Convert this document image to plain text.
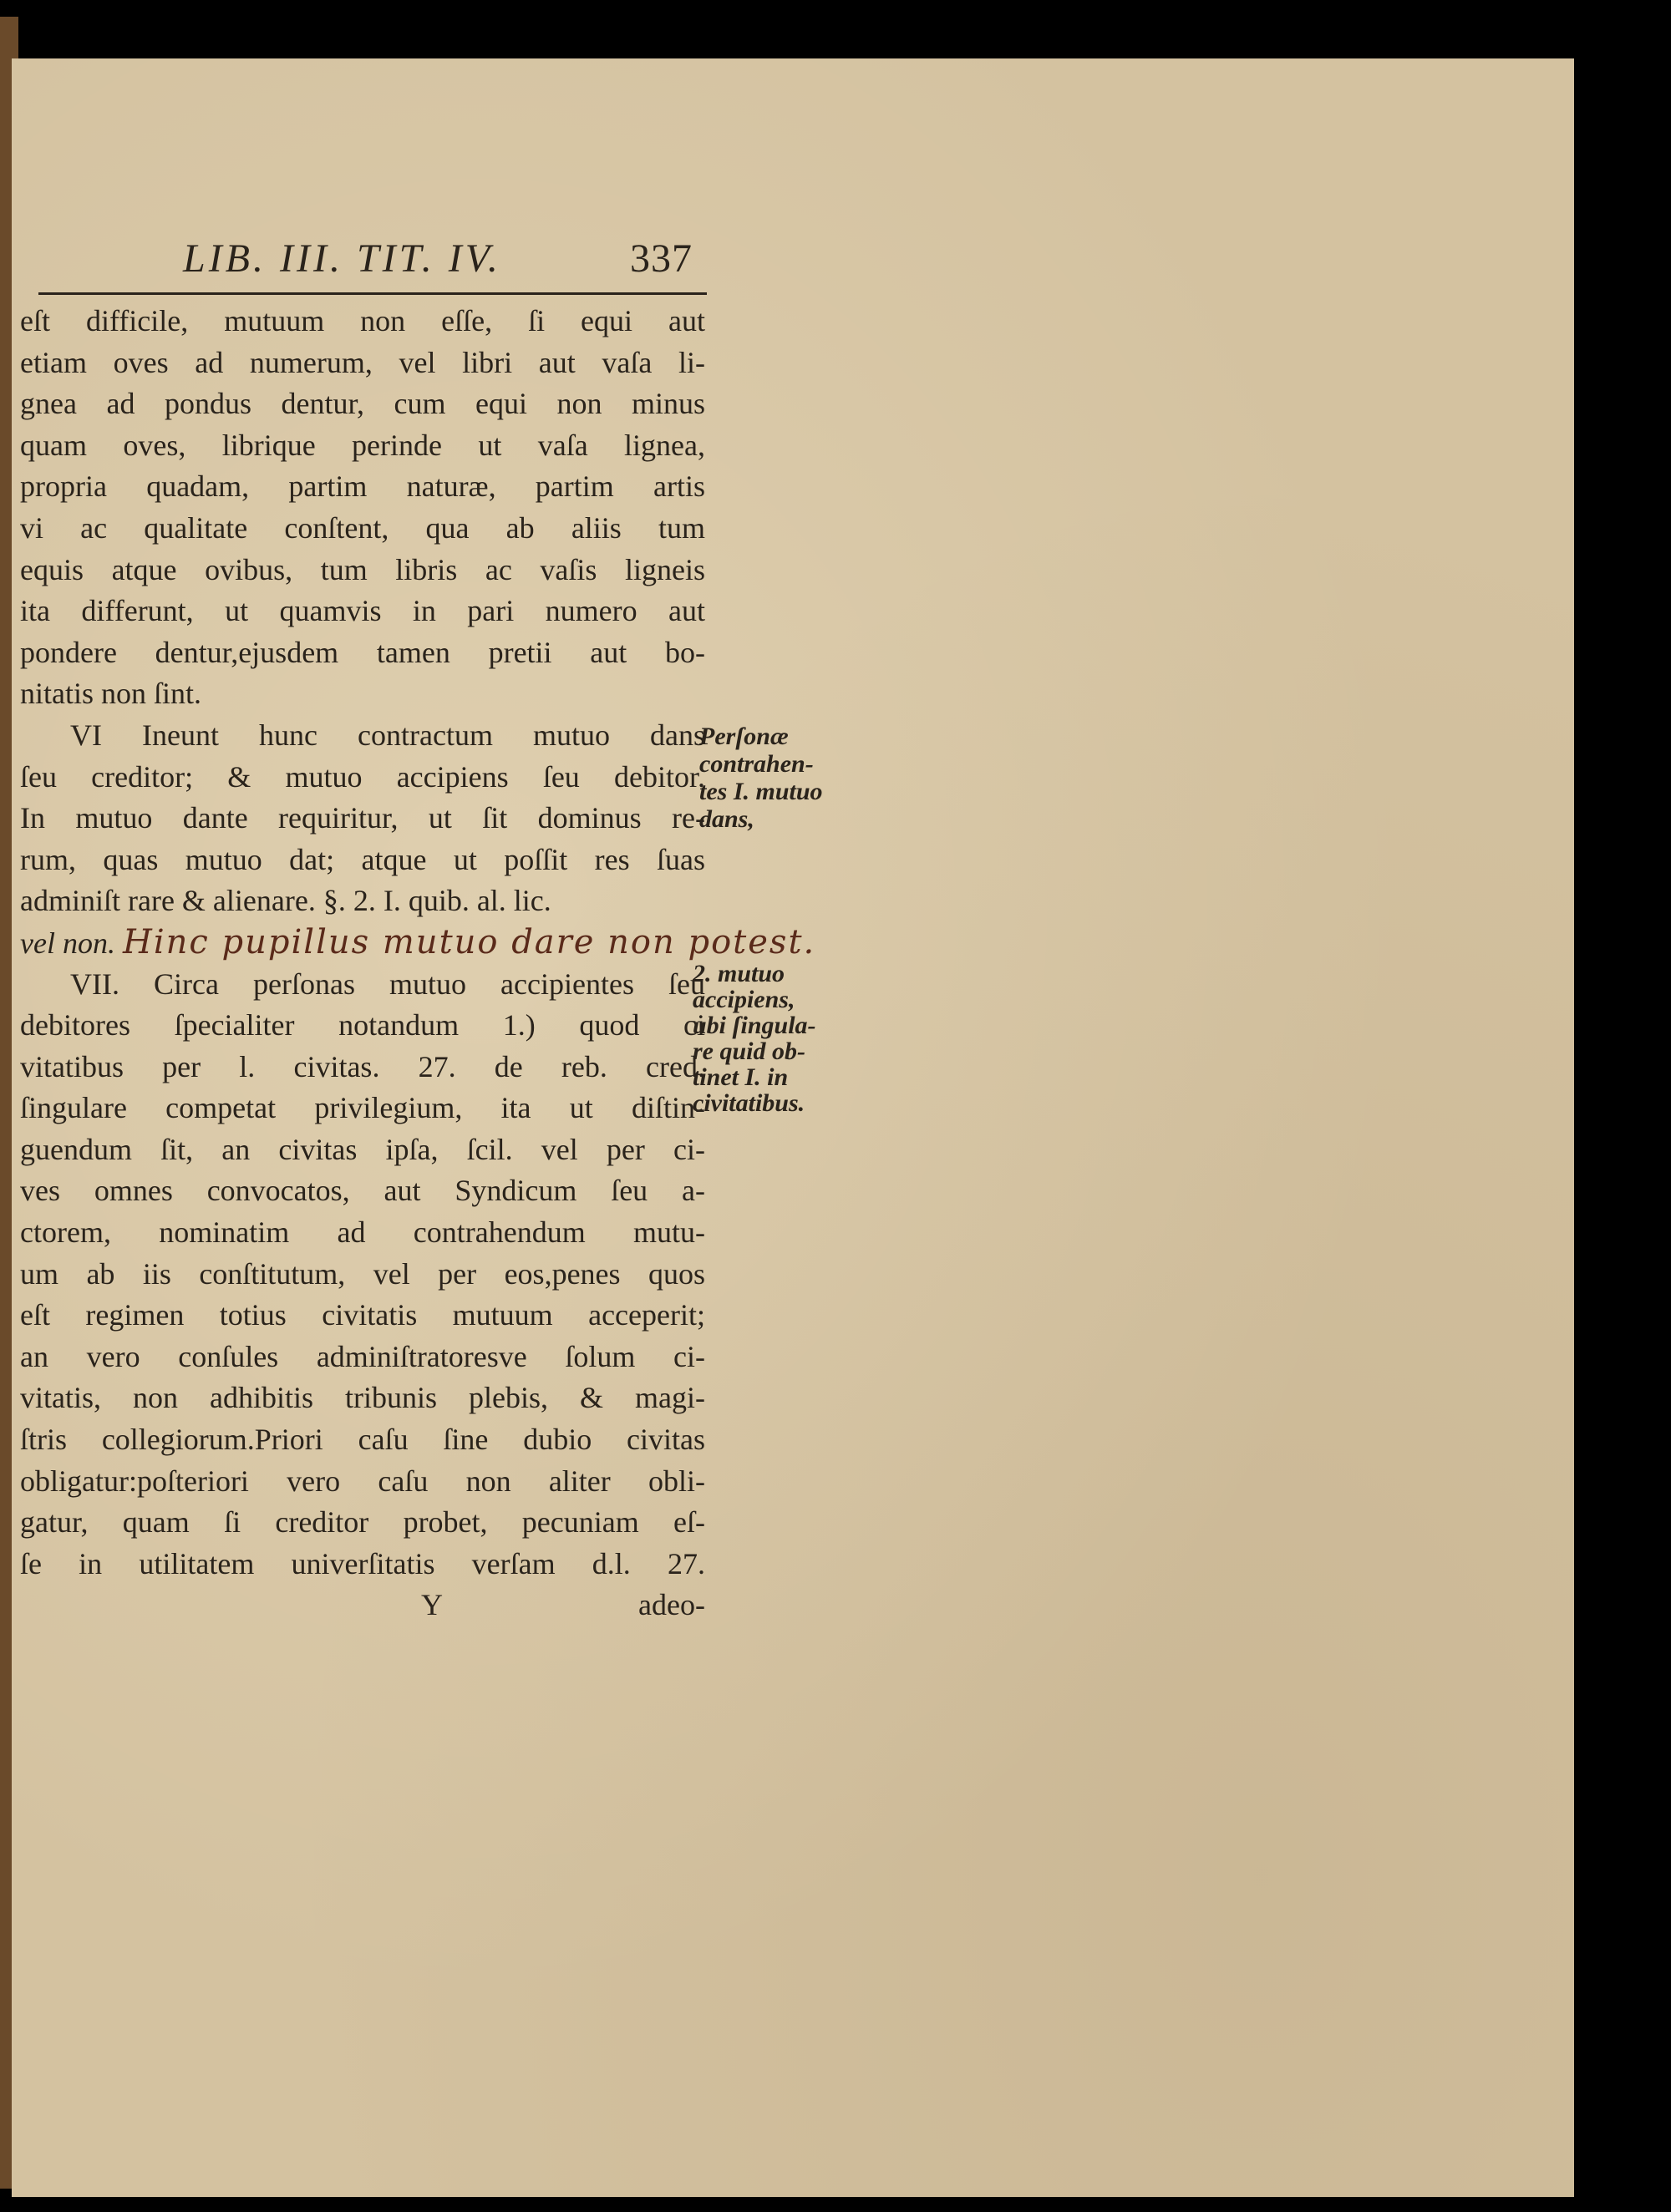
LIB. III. TIT. IV.	337
eſt difficile, mutuum non eſſe, ſi equi aut
etiam oves ad numerum, vel libri aut vaſa li-
gnea ad pondus dentur, cum equi non minus
quam oves, librique perinde ut vaſa lignea,
propria quadam, partim naturæ, partim artis
vi ac qualitate conſtent, qua ab aliis tum
equis atque ovibus, tum libris ac vaſis ligneis
ita differunt, ut quamvis in pari numero aut
pondere dentur,ejusdem tamen pretii aut bo-
nitatis non ſint.
VI Ineunt hunc contractum mutuo dans
ſeu creditor; & mutuo accipiens ſeu debitor.
In mutuo dante requiritur, ut ſit dominus re-
rum, quas mutuo dat; atque ut poſſit res ſuas
adminiſt rare & alienare. §. 2. I. quib. al. lic.
vel non. Hinc pupillus mutuo dare non potest.
VII. Circa perſonas mutuo accipientes ſeu
debitores ſpecialiter notandum 1.) quod ci
vitatibus per l. civitas. 27. de reb. cred.
ſingulare competat privilegium, ita ut diſtin-
guendum ſit, an civitas ipſa, ſcil. vel per ci-
ves omnes convocatos, aut Syndicum ſeu a-
ctorem, nominatim ad contrahendum mutu-
um ab iis conſtitutum, vel per eos,penes quos
eſt regimen totius civitatis mutuum acceperit;
an vero conſules adminiſtratoresve ſolum ci-
vitatis, non adhibitis tribunis plebis, & magi-
ſtris collegiorum.Priori caſu ſine dubio civitas
obligatur:poſteriori vero caſu non aliter obli-
gatur, quam ſi creditor probet, pecuniam eſ-
ſe in utilitatem univerſitatis verſam d.l. 27.
Y	adeo-
Perſonæ
contrahen-
tes I. mutuo
dans,
2. mutuo
accipiens,
ubi ſingula-
re quid ob-
tinet I. in
civitatibus.
